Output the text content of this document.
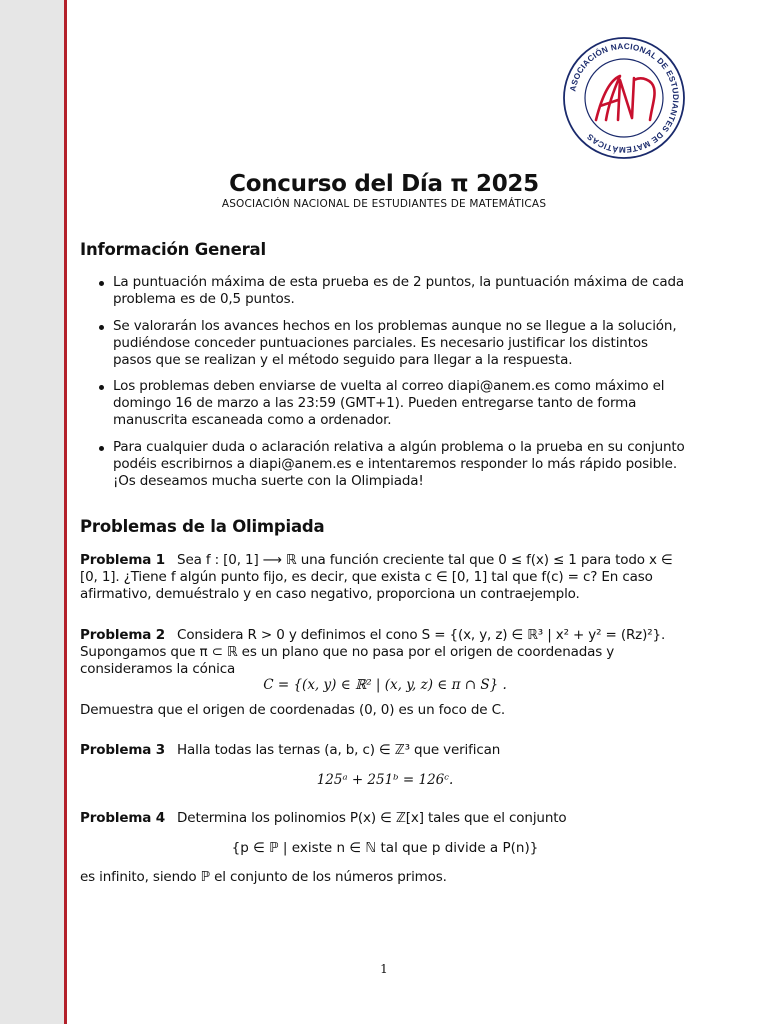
ASOCIACIÓN NACIONAL DE ESTUDIANTES DE MATEMÁTICAS
Concurso del Día π 2025
ASOCIACIÓN NACIONAL DE ESTUDIANTES DE MATEMÁTICAS
Información General
La puntuación máxima de esta prueba es de 2 puntos, la puntuación máxima de cada problema es de 0,5 puntos.
Se valorarán los avances hechos en los problemas aunque no se llegue a la solución, pudiéndose conceder puntuaciones parciales. Es necesario justificar los distintos pasos que se realizan y el método seguido para llegar a la respuesta.
Los problemas deben enviarse de vuelta al correo diapi@anem.es como máximo el domingo 16 de marzo a las 23:59 (GMT+1). Pueden entregarse tanto de forma manuscrita escaneada como a ordenador.
Para cualquier duda o aclaración relativa a algún problema o la prueba en su conjunto podéis escribirnos a diapi@anem.es e intentaremos responder lo más rápido posible. ¡Os deseamos mucha suerte con la Olimpiada!
Problemas de la Olimpiada
Problema 1 Sea f : [0, 1] ⟶ ℝ una función creciente tal que 0 ≤ f(x) ≤ 1 para todo x ∈ [0, 1]. ¿Tiene f algún punto fijo, es decir, que exista c ∈ [0, 1] tal que f(c) = c? En caso afirmativo, demuéstralo y en caso negativo, proporciona un contraejemplo.
Problema 2 Considera R > 0 y definimos el cono S = {(x, y, z) ∈ ℝ³ | x² + y² = (Rz)²}. Supongamos que π ⊂ ℝ es un plano que no pasa por el origen de coordenadas y consideramos la cónica
C = {(x, y) ∈ ℝ² | (x, y, z) ∈ π ∩ S} .
Demuestra que el origen de coordenadas (0, 0) es un foco de C.
Problema 3 Halla todas las ternas (a, b, c) ∈ ℤ³ que verifican
125ᵃ + 251ᵇ = 126ᶜ.
Problema 4 Determina los polinomios P(x) ∈ ℤ[x] tales que el conjunto
{p ∈ ℙ | existe n ∈ ℕ tal que p divide a P(n)}
es infinito, siendo ℙ el conjunto de los números primos.
1
